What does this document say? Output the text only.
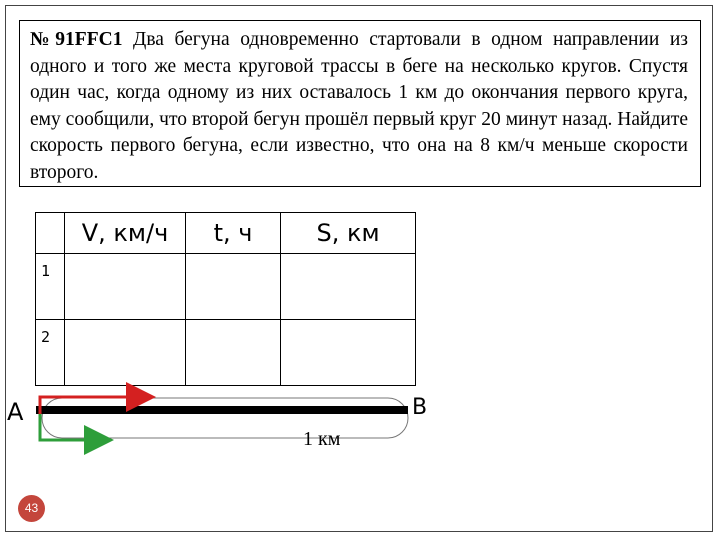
№91FFC1 Два бегуна одновременно стартовали в одном направлении из одного и того же места круговой трассы в беге на несколько кругов. Спустя один час, когда одному из них оставалось 1 км до окончания первого круга, ему сообщили, что второй бегун прошёл первый круг 20 минут назад. Найдите скорость первого бегуна, если известно, что она на 8 км/ч меньше скорости второго.
	V, км/ч	t, ч	S, км

1			

2			

А	В
1 км
43
